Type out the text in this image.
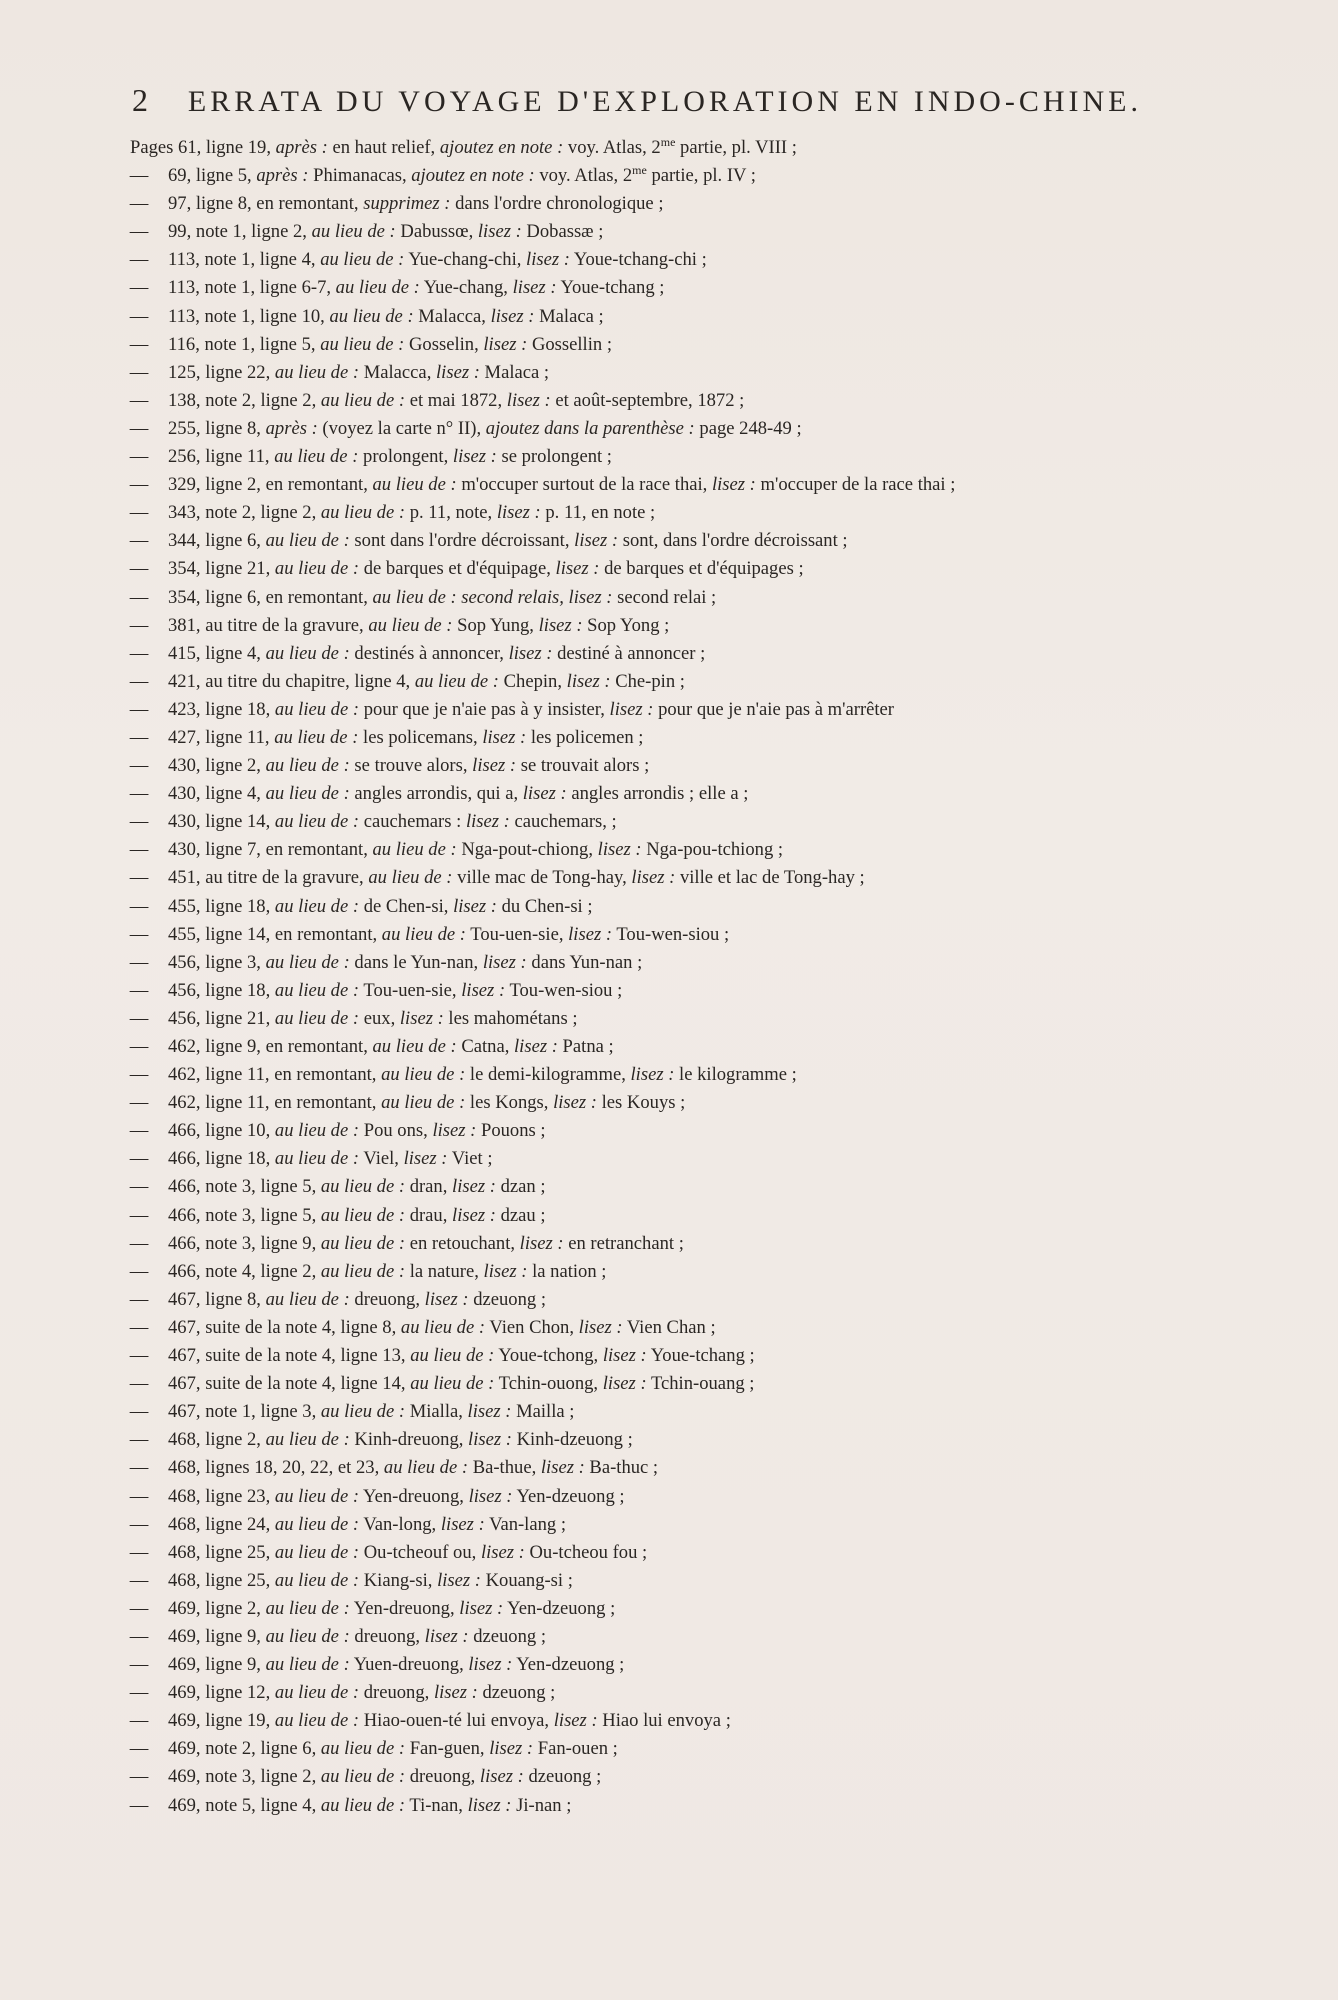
2	ERRATA DU VOYAGE D'EXPLORATION EN INDO-CHINE.
Pages 61, ligne 19, après : en haut relief, ajoutez en note : voy. Atlas, $2^{me}$ partie, pl. VIII ;
— 69, ligne 5, après : Phimanacas, ajoutez en note : voy. Atlas, $2^{me}$ partie, pl. IV ;
— 97, ligne 8, en remontant, supprimez : dans l'ordre chronologique ;
— 99, note 1, ligne 2, au lieu de : Dabussœ, lisez : Dobassæ ;
— 113, note 1, ligne 4, au lieu de : Yue-chang-chi, lisez : Youe-tchang-chi ;
— 113, note 1, ligne 6-7, au lieu de : Yue-chang, lisez : Youe-tchang ;
— 113, note 1, ligne 10, au lieu de : Malacca, lisez : Malaca ;
— 116, note 1, ligne 5, au lieu de : Gosselin, lisez : Gossellin ;
— 125, ligne 22, au lieu de : Malacca, lisez : Malaca ;
— 138, note 2, ligne 2, au lieu de : et mai 1872, lisez : et août-septembre, 1872 ;
— 255, ligne 8, après : (voyez la carte n° II), ajoutez dans la parenthèse : page 248-49 ;
— 256, ligne 11, au lieu de : prolongent, lisez : se prolongent ;
— 329, ligne 2, en remontant, au lieu de : m'occuper surtout de la race thai, lisez : m'occuper de la race thai ;
— 343, note 2, ligne 2, au lieu de : p. 11, note, lisez : p. 11, en note ;
— 344, ligne 6, au lieu de : sont dans l'ordre décroissant, lisez : sont, dans l'ordre décroissant ;
— 354, ligne 21, au lieu de : de barques et d'équipage, lisez : de barques et d'équipages ;
— 354, ligne 6, en remontant, au lieu de : second relais, lisez : second relai ;
— 381, au titre de la gravure, au lieu de : Sop Yung, lisez : Sop Yong ;
— 415, ligne 4, au lieu de : destinés à annoncer, lisez : destiné à annoncer ;
— 421, au titre du chapitre, ligne 4, au lieu de : Chepin, lisez : Che-pin ;
— 423, ligne 18, au lieu de : pour que je n'aie pas à y insister, lisez : pour que je n'aie pas à m'arrêter
— 427, ligne 11, au lieu de : les policemans, lisez : les policemen ;
— 430, ligne 2, au lieu de : se trouve alors, lisez : se trouvait alors ;
— 430, ligne 4, au lieu de : angles arrondis, qui a, lisez : angles arrondis ; elle a ;
— 430, ligne 14, au lieu de : cauchemars : lisez : cauchemars, ;
— 430, ligne 7, en remontant, au lieu de : Nga-pout-chiong, lisez : Nga-pou-tchiong ;
— 451, au titre de la gravure, au lieu de : ville mac de Tong-hay, lisez : ville et lac de Tong-hay ;
— 455, ligne 18, au lieu de : de Chen-si, lisez : du Chen-si ;
— 455, ligne 14, en remontant, au lieu de : Tou-uen-sie, lisez : Tou-wen-siou ;
— 456, ligne 3, au lieu de : dans le Yun-nan, lisez : dans Yun-nan ;
— 456, ligne 18, au lieu de : Tou-uen-sie, lisez : Tou-wen-siou ;
— 456, ligne 21, au lieu de : eux, lisez : les mahométans ;
— 462, ligne 9, en remontant, au lieu de : Catna, lisez : Patna ;
— 462, ligne 11, en remontant, au lieu de : le demi-kilogramme, lisez : le kilogramme ;
— 462, ligne 11, en remontant, au lieu de : les Kongs, lisez : les Kouys ;
— 466, ligne 10, au lieu de : Pou ons, lisez : Pouons ;
— 466, ligne 18, au lieu de : Viel, lisez : Viet ;
— 466, note 3, ligne 5, au lieu de : dran, lisez : dzan ;
— 466, note 3, ligne 5, au lieu de : drau, lisez : dzau ;
— 466, note 3, ligne 9, au lieu de : en retouchant, lisez : en retranchant ;
— 466, note 4, ligne 2, au lieu de : la nature, lisez : la nation ;
— 467, ligne 8, au lieu de : dreuong, lisez : dzeuong ;
— 467, suite de la note 4, ligne 8, au lieu de : Vien Chon, lisez : Vien Chan ;
— 467, suite de la note 4, ligne 13, au lieu de : Youe-tchong, lisez : Youe-tchang ;
— 467, suite de la note 4, ligne 14, au lieu de : Tchin-ouong, lisez : Tchin-ouang ;
— 467, note 1, ligne 3, au lieu de : Mialla, lisez : Mailla ;
— 468, ligne 2, au lieu de : Kinh-dreuong, lisez : Kinh-dzeuong ;
— 468, lignes 18, 20, 22, et 23, au lieu de : Ba-thue, lisez : Ba-thuc ;
— 468, ligne 23, au lieu de : Yen-dreuong, lisez : Yen-dzeuong ;
— 468, ligne 24, au lieu de : Van-long, lisez : Van-lang ;
— 468, ligne 25, au lieu de : Ou-tcheouf ou, lisez : Ou-tcheou fou ;
— 468, ligne 25, au lieu de : Kiang-si, lisez : Kouang-si ;
— 469, ligne 2, au lieu de : Yen-dreuong, lisez : Yen-dzeuong ;
— 469, ligne 9, au lieu de : dreuong, lisez : dzeuong ;
— 469, ligne 9, au lieu de : Yuen-dreuong, lisez : Yen-dzeuong ;
— 469, ligne 12, au lieu de : dreuong, lisez : dzeuong ;
— 469, ligne 19, au lieu de : Hiao-ouen-té lui envoya, lisez : Hiao lui envoya ;
— 469, note 2, ligne 6, au lieu de : Fan-guen, lisez : Fan-ouen ;
— 469, note 3, ligne 2, au lieu de : dreuong, lisez : dzeuong ;
— 469, note 5, ligne 4, au lieu de : Ti-nan, lisez : Ji-nan ;
